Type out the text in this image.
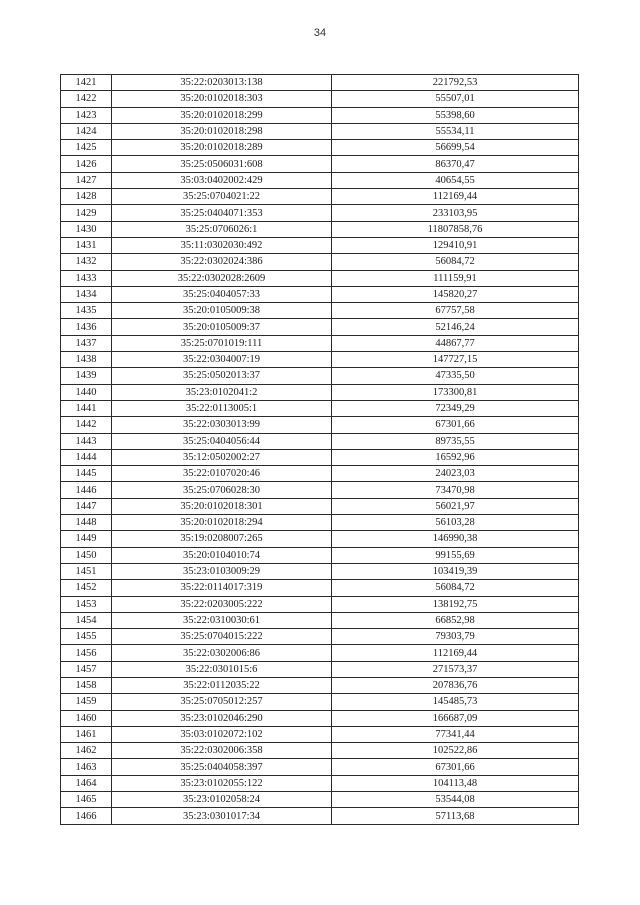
34
1421	35:22:0203013:138	221792,53
1422	35:20:0102018:303	55507,01
1423	35:20:0102018:299	55398,60
1424	35:20:0102018:298	55534,11
1425	35:20:0102018:289	56699,54
1426	35:25:0506031:608	86370,47
1427	35:03:0402002:429	40654,55
1428	35:25:0704021:22	112169,44
1429	35:25:0404071:353	233103,95
1430	35:25:0706026:1	11807858,76
1431	35:11:0302030:492	129410,91
1432	35:22:0302024:386	56084,72
1433	35:22:0302028:2609	111159,91
1434	35:25:0404057:33	145820,27
1435	35:20:0105009:38	67757,58
1436	35:20:0105009:37	52146,24
1437	35:25:0701019:111	44867,77
1438	35:22:0304007:19	147727,15
1439	35:25:0502013:37	47335,50
1440	35:23:0102041:2	173300,81
1441	35:22:0113005:1	72349,29
1442	35:22:0303013:99	67301,66
1443	35:25:0404056:44	89735,55
1444	35:12:0502002:27	16592,96
1445	35:22:0107020:46	24023,03
1446	35:25:0706028:30	73470,98
1447	35:20:0102018:301	56021,97
1448	35:20:0102018:294	56103,28
1449	35:19:0208007:265	146990,38
1450	35:20:0104010:74	99155,69
1451	35:23:0103009:29	103419,39
1452	35:22:0114017:319	56084,72
1453	35:22:0203005:222	138192,75
1454	35:22:0310030:61	66852,98
1455	35:25:0704015:222	79303,79
1456	35:22:0302006:86	112169,44
1457	35:22:0301015:6	271573,37
1458	35:22:0112035:22	207836,76
1459	35:25:0705012:257	145485,73
1460	35:23:0102046:290	166687,09
1461	35:03:0102072:102	77341,44
1462	35:22:0302006:358	102522,86
1463	35:25:0404058:397	67301,66
1464	35:23:0102055:122	104113,48
1465	35:23:0102058:24	53544,08
1466	35:23:0301017:34	57113,68
